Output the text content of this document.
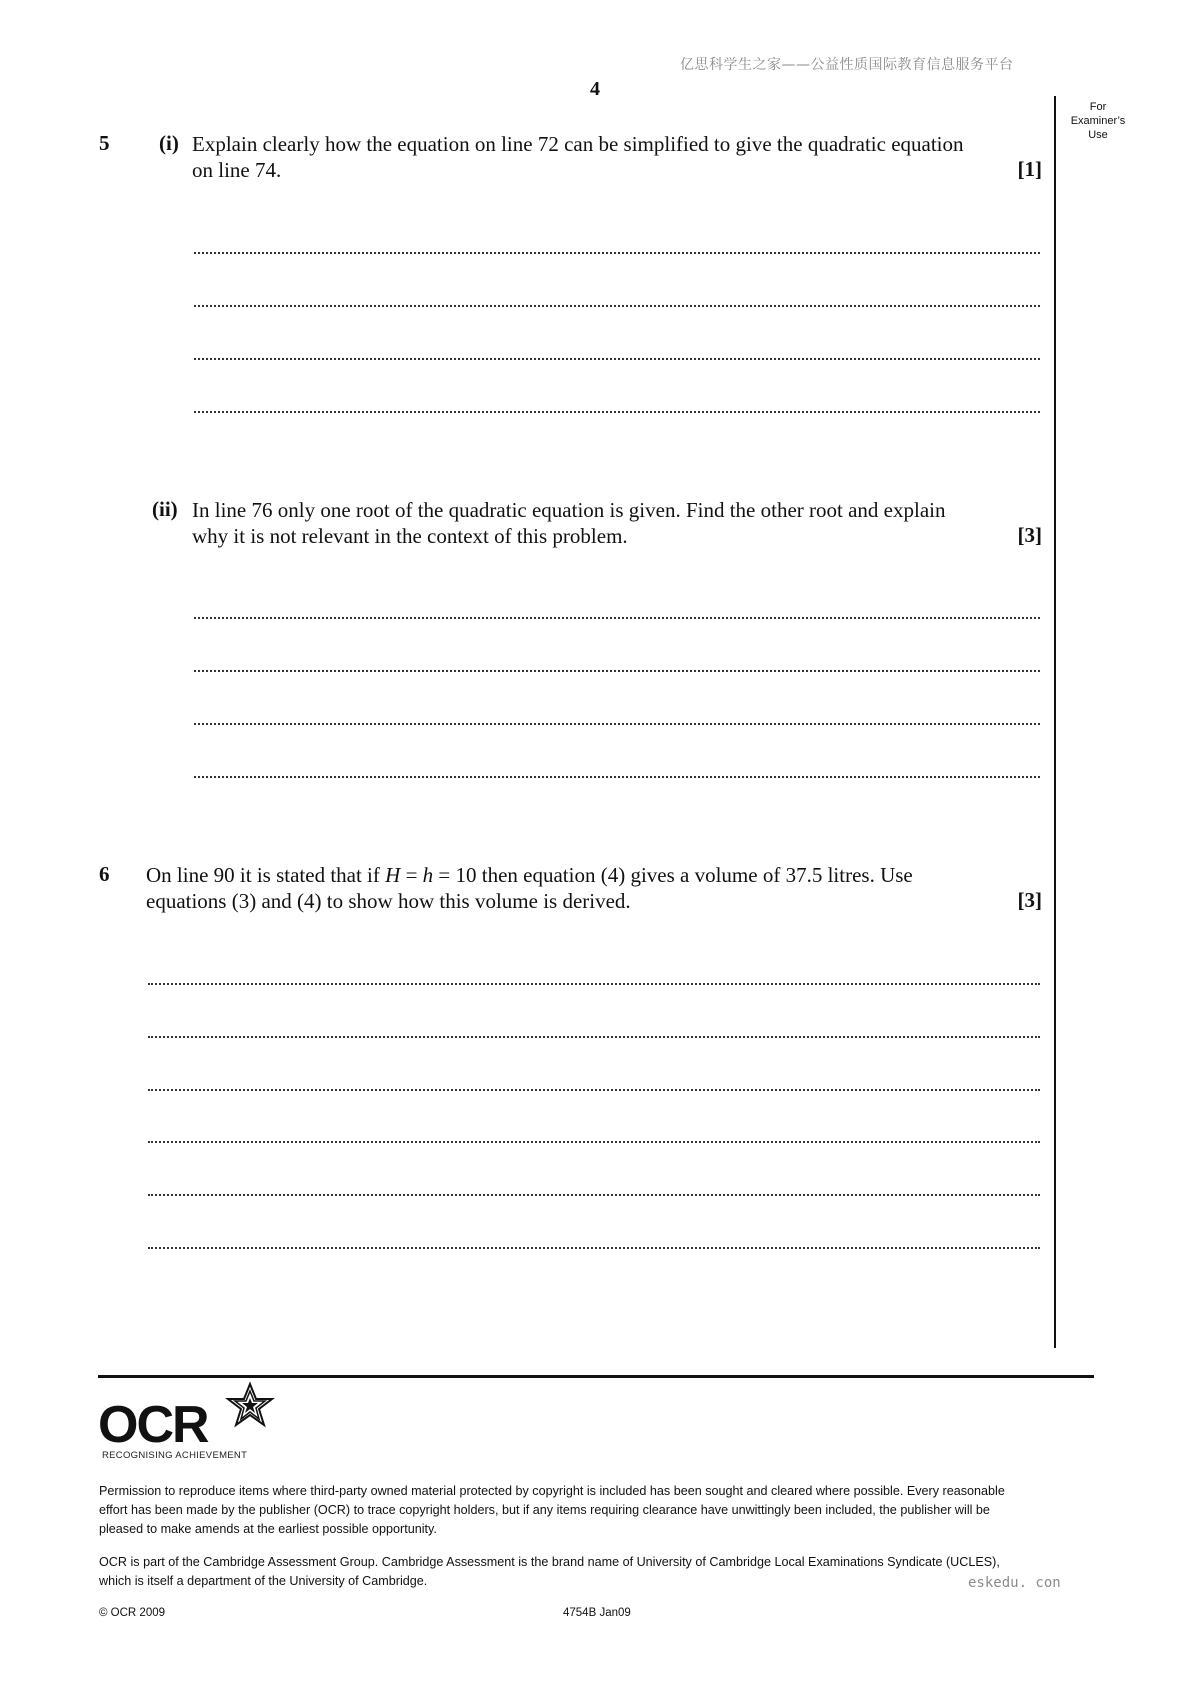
亿思科学生之家——公益性质国际教育信息服务平台
4
For
Examiner’s
Use
5 (i) Explain clearly how the equation on line 72 can be simplified to give the quadratic equation
on line 74.	[1]
(ii) In line 76 only one root of the quadratic equation is given. Find the other root and explain
why it is not relevant in the context of this problem.	[3]
6 On line 90 it is stated that if H = h = 10 then equation (4) gives a volume of 37.5 litres. Use
equations (3) and (4) to show how this volume is derived.	[3]
OCR
RECOGNISING ACHIEVEMENT
Permission to reproduce items where third-party owned material protected by copyright is included has been sought and cleared where possible. Every reasonable
effort has been made by the publisher (OCR) to trace copyright holders, but if any items requiring clearance have unwittingly been included, the publisher will be
pleased to make amends at the earliest possible opportunity.
OCR is part of the Cambridge Assessment Group. Cambridge Assessment is the brand name of University of Cambridge Local Examinations Syndicate (UCLES),
which is itself a department of the University of Cambridge.	eskedu. con
© OCR 2009	4754B Jan09
